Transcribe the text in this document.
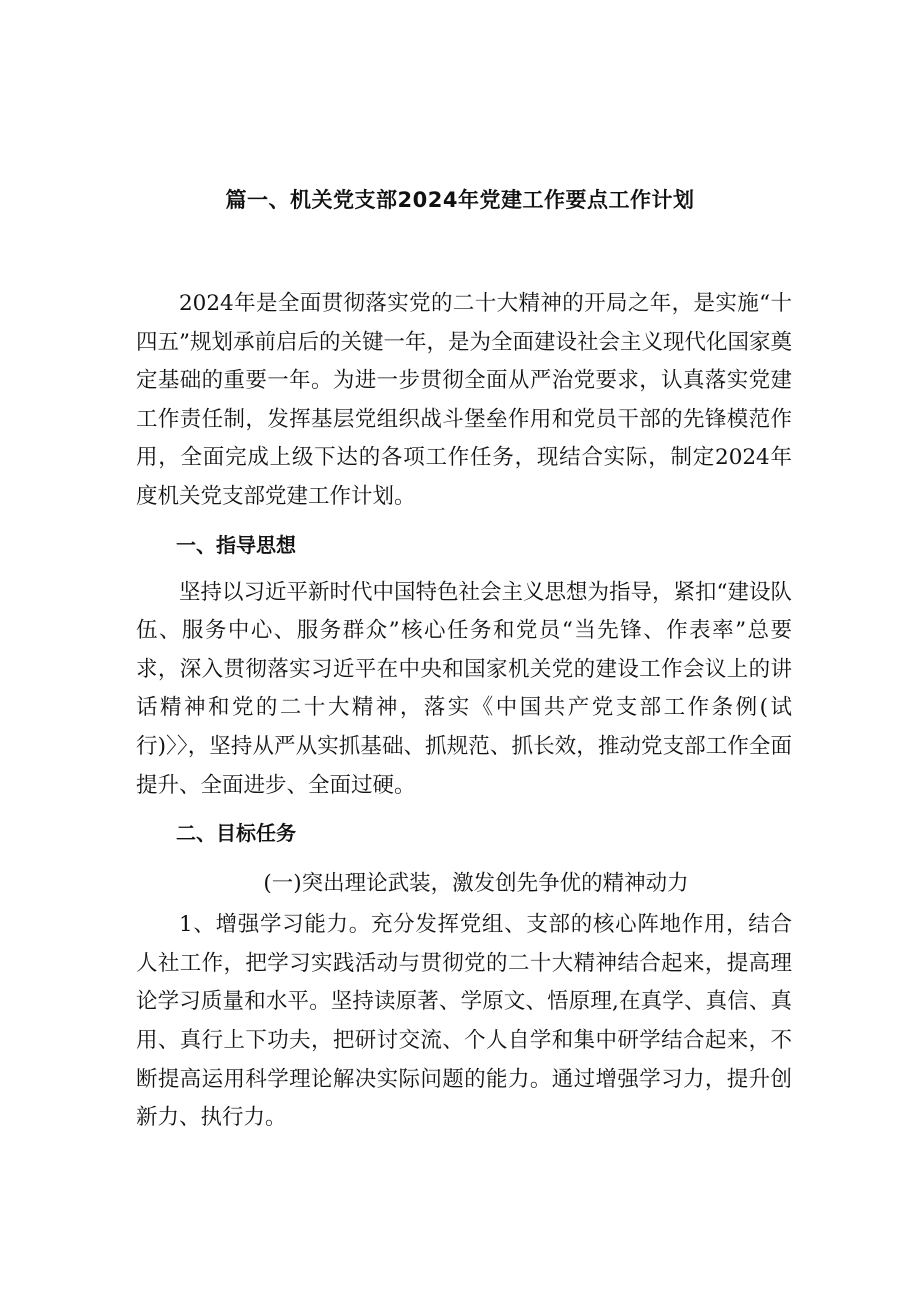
篇一、机关党支部2024年党建工作要点工作计划

2024年是全面贯彻落实党的二十大精神的开局之年，是实施“十四五”规划承前启后的关键一年，是为全面建设社会主义现代化国家奠定基础的重要一年。为进一步贯彻全面从严治党要求，认真落实党建工作责任制，发挥基层党组织战斗堡垒作用和党员干部的先锋模范作用，全面完成上级下达的各项工作任务，现结合实际，制定2024年度机关党支部党建工作计划。

一、指导思想

坚持以习近平新时代中国特色社会主义思想为指导，紧扣“建设队伍、服务中心、服务群众”核心任务和党员“当先锋、作表率”总要求，深入贯彻落实习近平在中央和国家机关党的建设工作会议上的讲话精神和党的二十大精神，落实《中国共产党支部工作条例(试行)〉〉，坚持从严从实抓基础、抓规范、抓长效，推动党支部工作全面提升、全面进步、全面过硬。

二、目标任务

(一)突出理论武装，激发创先争优的精神动力

1、增强学习能力。充分发挥党组、支部的核心阵地作用，结合人社工作，把学习实践活动与贯彻党的二十大精神结合起来，提高理论学习质量和水平。坚持读原著、学原文、悟原理,在真学、真信、真用、真行上下功夫，把研讨交流、个人自学和集中研学结合起来，不断提高运用科学理论解决实际问题的能力。通过增强学习力，提升创新力、执行力。
